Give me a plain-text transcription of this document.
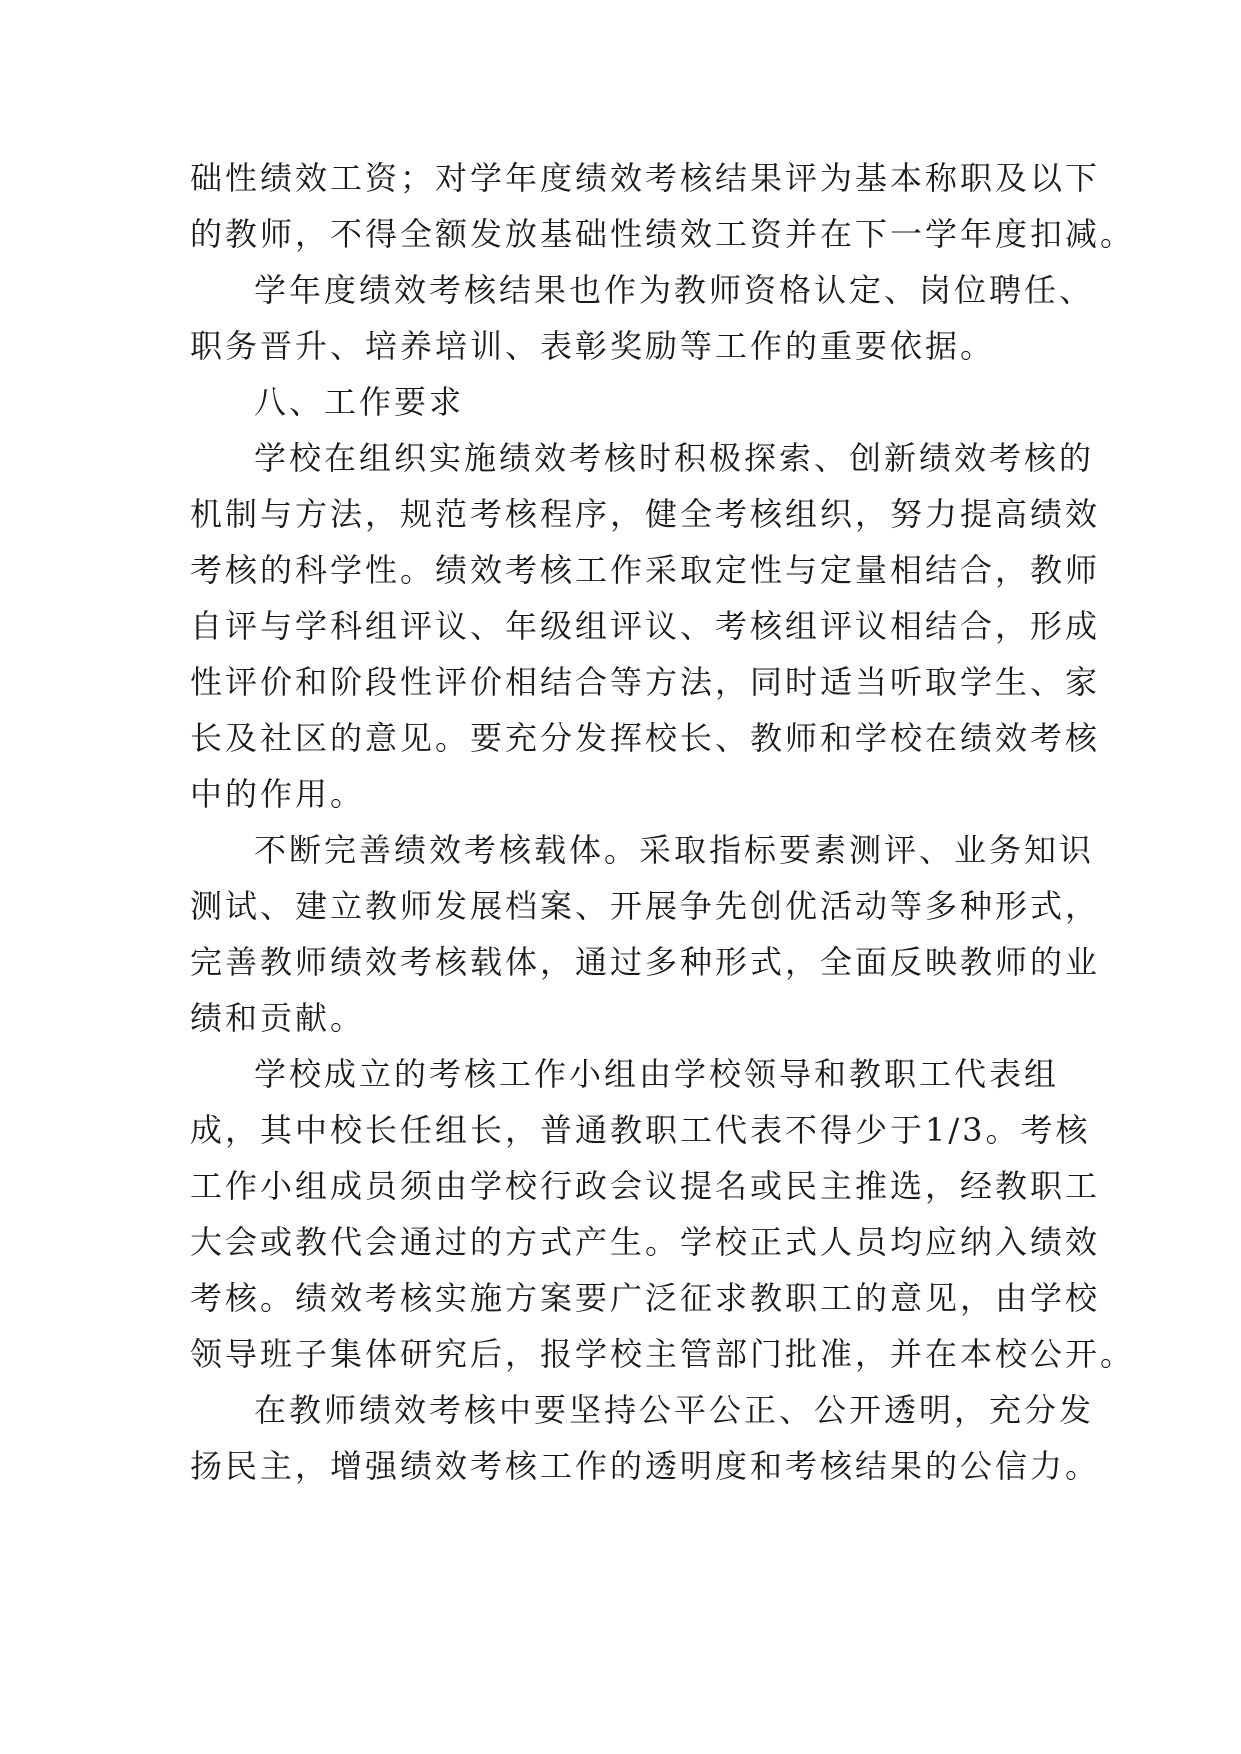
础性绩效工资；对学年度绩效考核结果评为基本称职及以下
的教师，不得全额发放基础性绩效工资并在下一学年度扣减。
学年度绩效考核结果也作为教师资格认定、岗位聘任、
职务晋升、培养培训、表彰奖励等工作的重要依据。
八、工作要求
学校在组织实施绩效考核时积极探索、创新绩效考核的
机制与方法，规范考核程序，健全考核组织，努力提高绩效
考核的科学性。绩效考核工作采取定性与定量相结合，教师
自评与学科组评议、年级组评议、考核组评议相结合，形成
性评价和阶段性评价相结合等方法，同时适当听取学生、家
长及社区的意见。要充分发挥校长、教师和学校在绩效考核
中的作用。
不断完善绩效考核载体。采取指标要素测评、业务知识
测试、建立教师发展档案、开展争先创优活动等多种形式，
完善教师绩效考核载体，通过多种形式，全面反映教师的业
绩和贡献。
学校成立的考核工作小组由学校领导和教职工代表组
成，其中校长任组长，普通教职工代表不得少于1/3。考核
工作小组成员须由学校行政会议提名或民主推选，经教职工
大会或教代会通过的方式产生。学校正式人员均应纳入绩效
考核。绩效考核实施方案要广泛征求教职工的意见，由学校
领导班子集体研究后，报学校主管部门批准，并在本校公开。
在教师绩效考核中要坚持公平公正、公开透明，充分发
扬民主，增强绩效考核工作的透明度和考核结果的公信力。
